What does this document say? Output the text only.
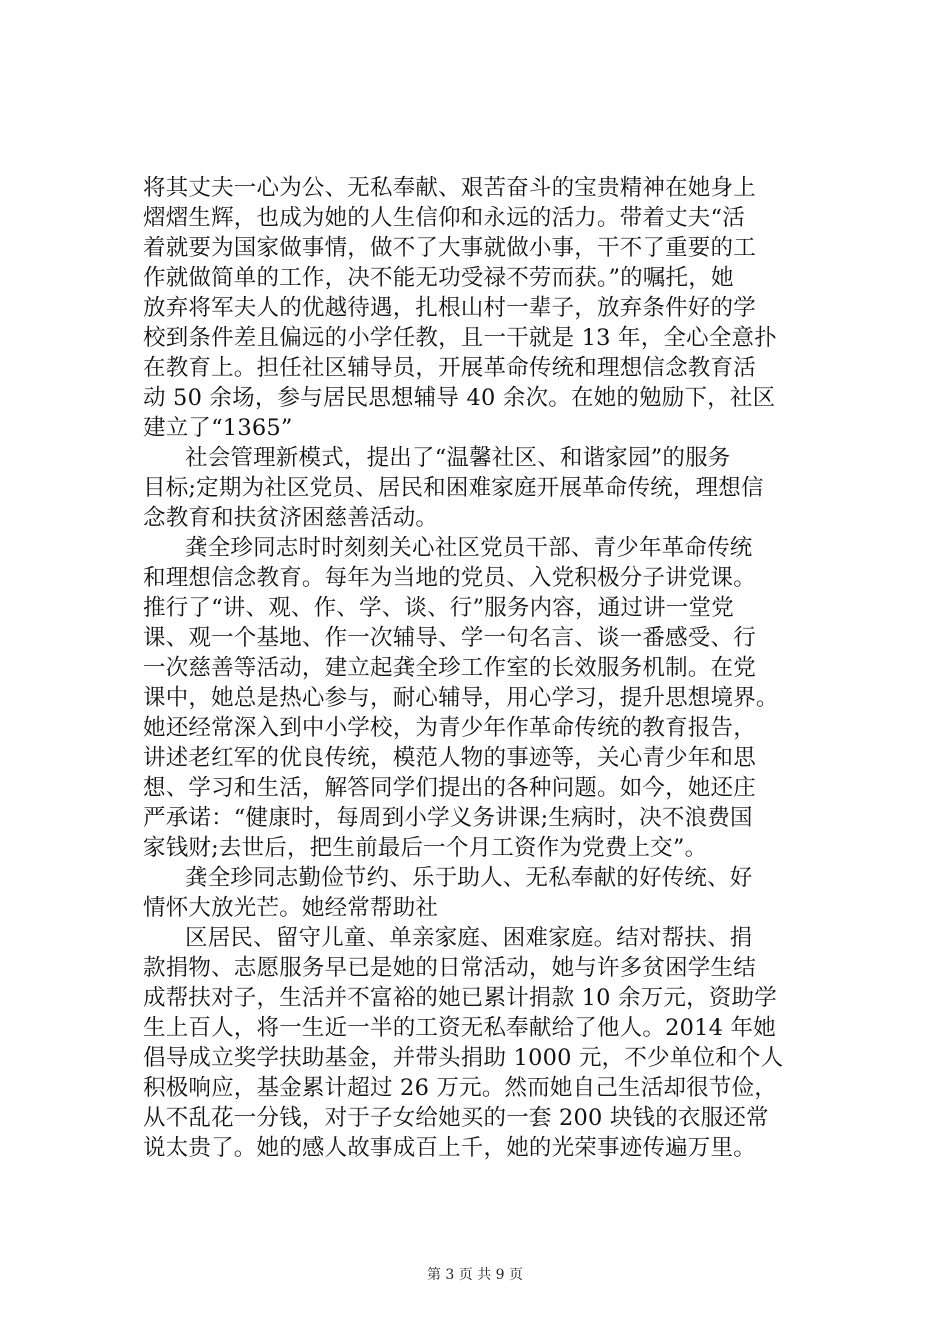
将其丈夫一心为公、无私奉献、艰苦奋斗的宝贵精神在她身上
熠熠生辉，也成为她的人生信仰和永远的活力。带着丈夫“活
着就要为国家做事情，做不了大事就做小事，干不了重要的工
作就做简单的工作，决不能无功受禄不劳而获。”的嘱托，她
放弃将军夫人的优越待遇，扎根山村一辈子，放弃条件好的学
校到条件差且偏远的小学任教，且一干就是 13 年，全心全意扑
在教育上。担任社区辅导员，开展革命传统和理想信念教育活
动 50 余场，参与居民思想辅导 40 余次。在她的勉励下，社区
建立了“1365”
社会管理新模式，提出了“温馨社区、和谐家园”的服务
目标;定期为社区党员、居民和困难家庭开展革命传统，理想信
念教育和扶贫济困慈善活动。
龚全珍同志时时刻刻关心社区党员干部、青少年革命传统
和理想信念教育。每年为当地的党员、入党积极分子讲党课。
推行了“讲、观、作、学、谈、行”服务内容，通过讲一堂党
课、观一个基地、作一次辅导、学一句名言、谈一番感受、行
一次慈善等活动，建立起龚全珍工作室的长效服务机制。在党
课中，她总是热心参与，耐心辅导，用心学习，提升思想境界。
她还经常深入到中小学校，为青少年作革命传统的教育报告，
讲述老红军的优良传统，模范人物的事迹等，关心青少年和思
想、学习和生活，解答同学们提出的各种问题。如今，她还庄
严承诺：“健康时，每周到小学义务讲课;生病时，决不浪费国
家钱财;去世后，把生前最后一个月工资作为党费上交”。
龚全珍同志勤俭节约、乐于助人、无私奉献的好传统、好
情怀大放光芒。她经常帮助社
区居民、留守儿童、单亲家庭、困难家庭。结对帮扶、捐
款捐物、志愿服务早已是她的日常活动，她与许多贫困学生结
成帮扶对子，生活并不富裕的她已累计捐款 10 余万元，资助学
生上百人，将一生近一半的工资无私奉献给了他人。2014 年她
倡导成立奖学扶助基金，并带头捐助 1000 元，不少单位和个人
积极响应，基金累计超过 26 万元。然而她自己生活却很节俭，
从不乱花一分钱，对于子女给她买的一套 200 块钱的衣服还常
说太贵了。她的感人故事成百上千，她的光荣事迹传遍万里。
第 3 页 共 9 页
